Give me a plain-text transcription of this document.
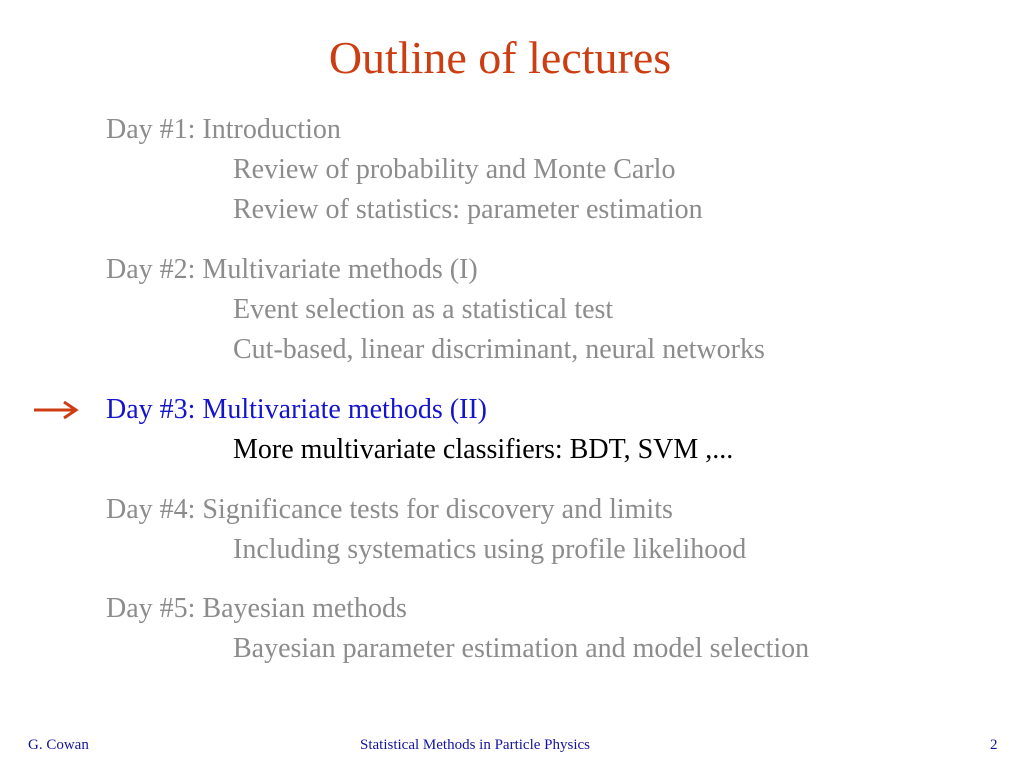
Outline of lectures
Day #1: Introduction
Review of probability and Monte Carlo
Review of statistics: parameter estimation
Day #2: Multivariate methods (I)
Event selection as a statistical test
Cut-based, linear discriminant, neural networks
Day #3: Multivariate methods (II)
More multivariate classifiers: BDT, SVM ,...
Day #4: Significance tests for discovery and limits
Including systematics using profile likelihood
Day #5: Bayesian methods
Bayesian parameter estimation and model selection
G. Cowan	Statistical Methods in Particle Physics	2
